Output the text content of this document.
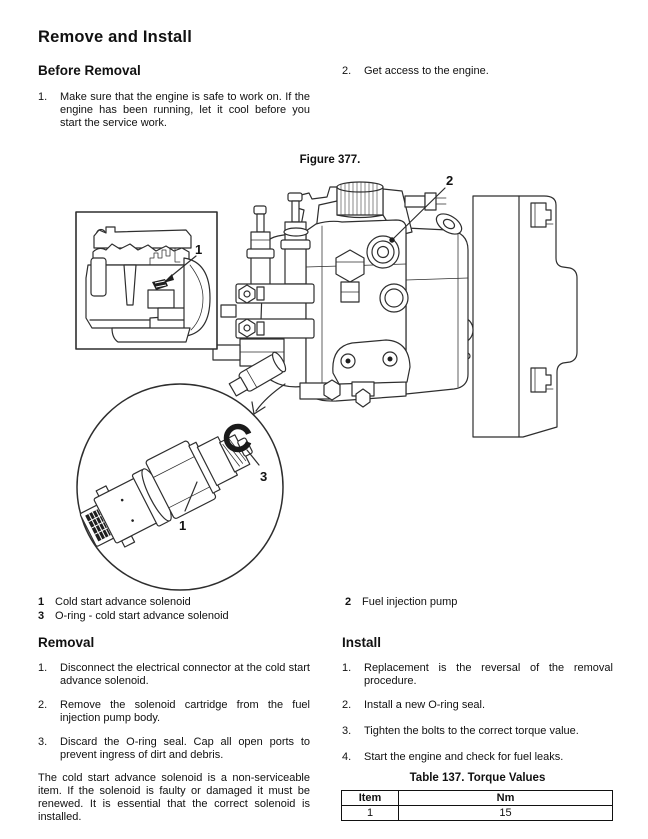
Remove and Install
Before Removal
1.	Make sure that the engine is safe to work on. If the engine has been running, let it cool before you start the service work.
2.	Get access to the engine.
Figure 377.
1
2
1
3
1 Cold start advance solenoid
3 O-ring - cold start advance solenoid
2 Fuel injection pump
Removal
1.	Disconnect the electrical connector at the cold start advance solenoid.
2.	Remove the solenoid cartridge from the fuel injection pump body.
3.	Discard the O-ring seal. Cap all open ports to prevent ingress of dirt and debris.
The cold start advance solenoid is a non-serviceable item. If the solenoid is faulty or damaged it must be renewed. It is essential that the correct solenoid is installed.
Install
1.	Replacement is the reversal of the removal procedure.
2.	Install a new O-ring seal.
3.	Tighten the bolts to the correct torque value.
4.	Start the engine and check for fuel leaks.
Table 137. Torque Values
Item	Nm
1	15
